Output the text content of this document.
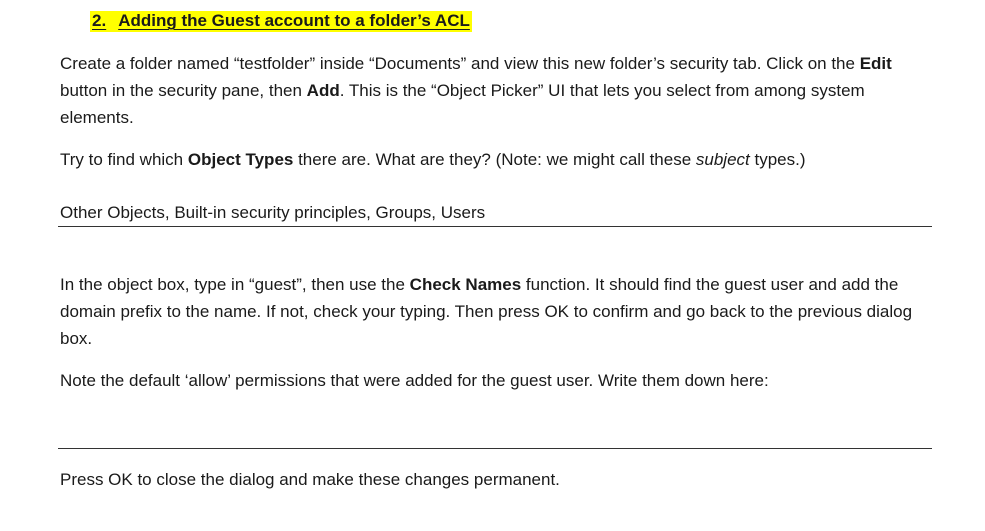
2. Adding the Guest account to a folder’s ACL

Create a folder named “testfolder” inside “Documents” and view this new folder’s security tab. Click on the Edit button in the security pane, then Add. This is the “Object Picker” UI that lets you select from among system elements.

Try to find which Object Types there are. What are they? (Note: we might call these subject types.)

Other Objects, Built-in security principles, Groups, Users

In the object box, type in “guest”, then use the Check Names function. It should find the guest user and add the domain prefix to the name. If not, check your typing. Then press OK to confirm and go back to the previous dialog box.

Note the default ‘allow’ permissions that were added for the guest user. Write them down here:

Press OK to close the dialog and make these changes permanent.
